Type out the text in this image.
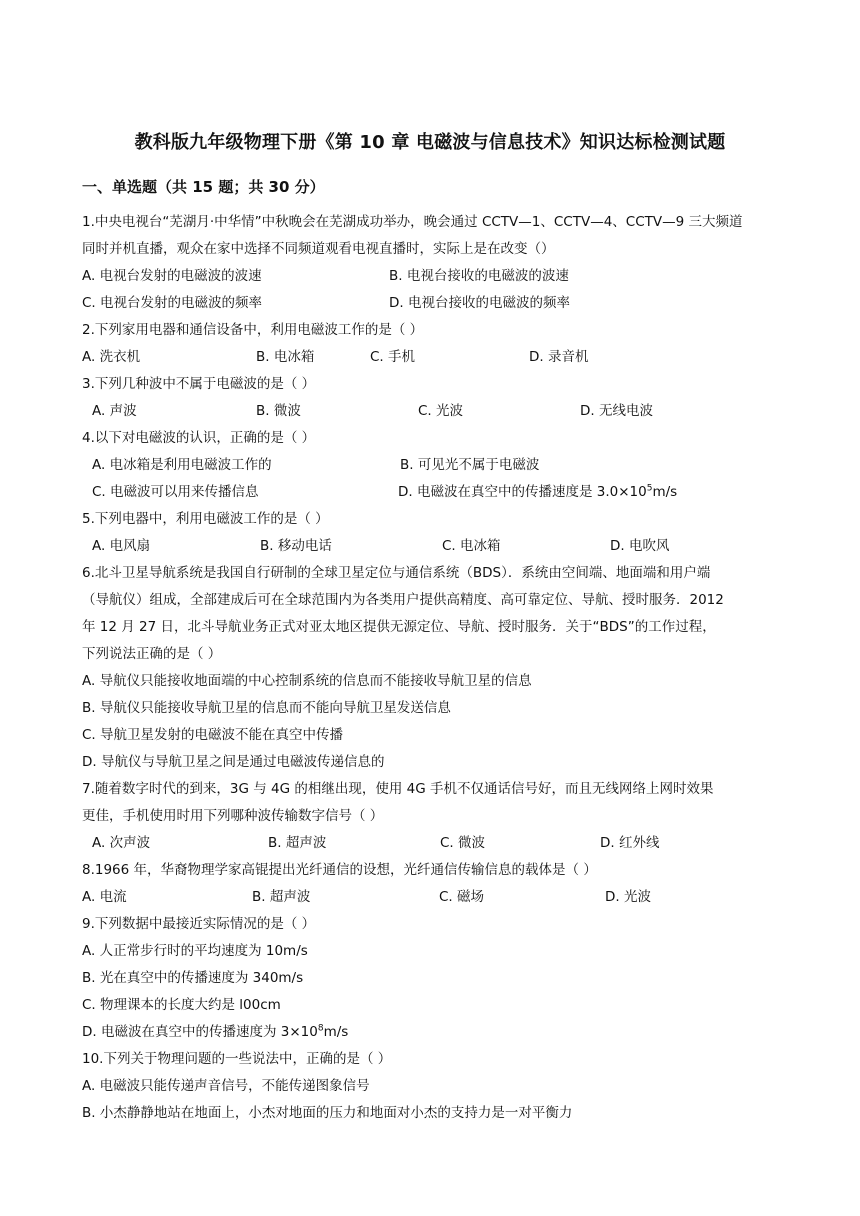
教科版九年级物理下册《第 10 章 电磁波与信息技术》知识达标检测试题
一、单选题（共 15 题；共 30 分）
1.中央电视台“芜湖月·中华情”中秋晚会在芜湖成功举办，晚会通过 CCTV—1、CCTV—4、CCTV—9 三大频道
同时并机直播，观众在家中选择不同频道观看电视直播时，实际上是在改变（）
A. 电视台发射的电磁波的波速	B. 电视台接收的电磁波的波速
C. 电视台发射的电磁波的频率	D. 电视台接收的电磁波的频率
2.下列家用电器和通信设备中，利用电磁波工作的是（ ）
A. 洗衣机	B. 电冰箱	C. 手机	D. 录音机
3.下列几种波中不属于电磁波的是（ ）
A. 声波	B. 微波	C. 光波	D. 无线电波
4.以下对电磁波的认识，正确的是（ ）
A. 电冰箱是利用电磁波工作的	B. 可见光不属于电磁波
C. 电磁波可以用来传播信息	D. 电磁波在真空中的传播速度是 $3.0\times 10^5m/s$
5.下列电器中，利用电磁波工作的是（ ）
A. 电风扇	B. 移动电话	C. 电冰箱	D. 电吹风
6.北斗卫星导航系统是我国自行研制的全球卫星定位与通信系统（BDS）．系统由空间端、地面端和用户端
（导航仪）组成，全部建成后可在全球范围内为各类用户提供高精度、高可靠定位、导航、授时服务．2012
年 12 月 27 日，北斗导航业务正式对亚太地区提供无源定位、导航、授时服务．关于“BDS”的工作过程，
下列说法正确的是（ ）
A. 导航仪只能接收地面端的中心控制系统的信息而不能接收导航卫星的信息
B. 导航仪只能接收导航卫星的信息而不能向导航卫星发送信息
C. 导航卫星发射的电磁波不能在真空中传播
D. 导航仪与导航卫星之间是通过电磁波传递信息的
7.随着数字时代的到来，3G 与 4G 的相继出现，使用 4G 手机不仅通话信号好，而且无线网络上网时效果
更佳，手机使用时用下列哪种波传输数字信号（ ）
A. 次声波	B. 超声波	C. 微波	D. 红外线
8.1966 年，华裔物理学家高锟提出光纤通信的设想，光纤通信传输信息的载体是（ ）
A. 电流	B. 超声波	C. 磁场	D. 光波
9.下列数据中最接近实际情况的是（ ）
A. 人正常步行时的平均速度为 10m/s
B. 光在真空中的传播速度为 340m/s
C. 物理课本的长度大约是 l00cm
D. 电磁波在真空中的传播速度为 $3\times 10^8m/s$
10.下列关于物理问题的一些说法中，正确的是（ ）
A. 电磁波只能传递声音信号，不能传递图象信号
B. 小杰静静地站在地面上，小杰对地面的压力和地面对小杰的支持力是一对平衡力
